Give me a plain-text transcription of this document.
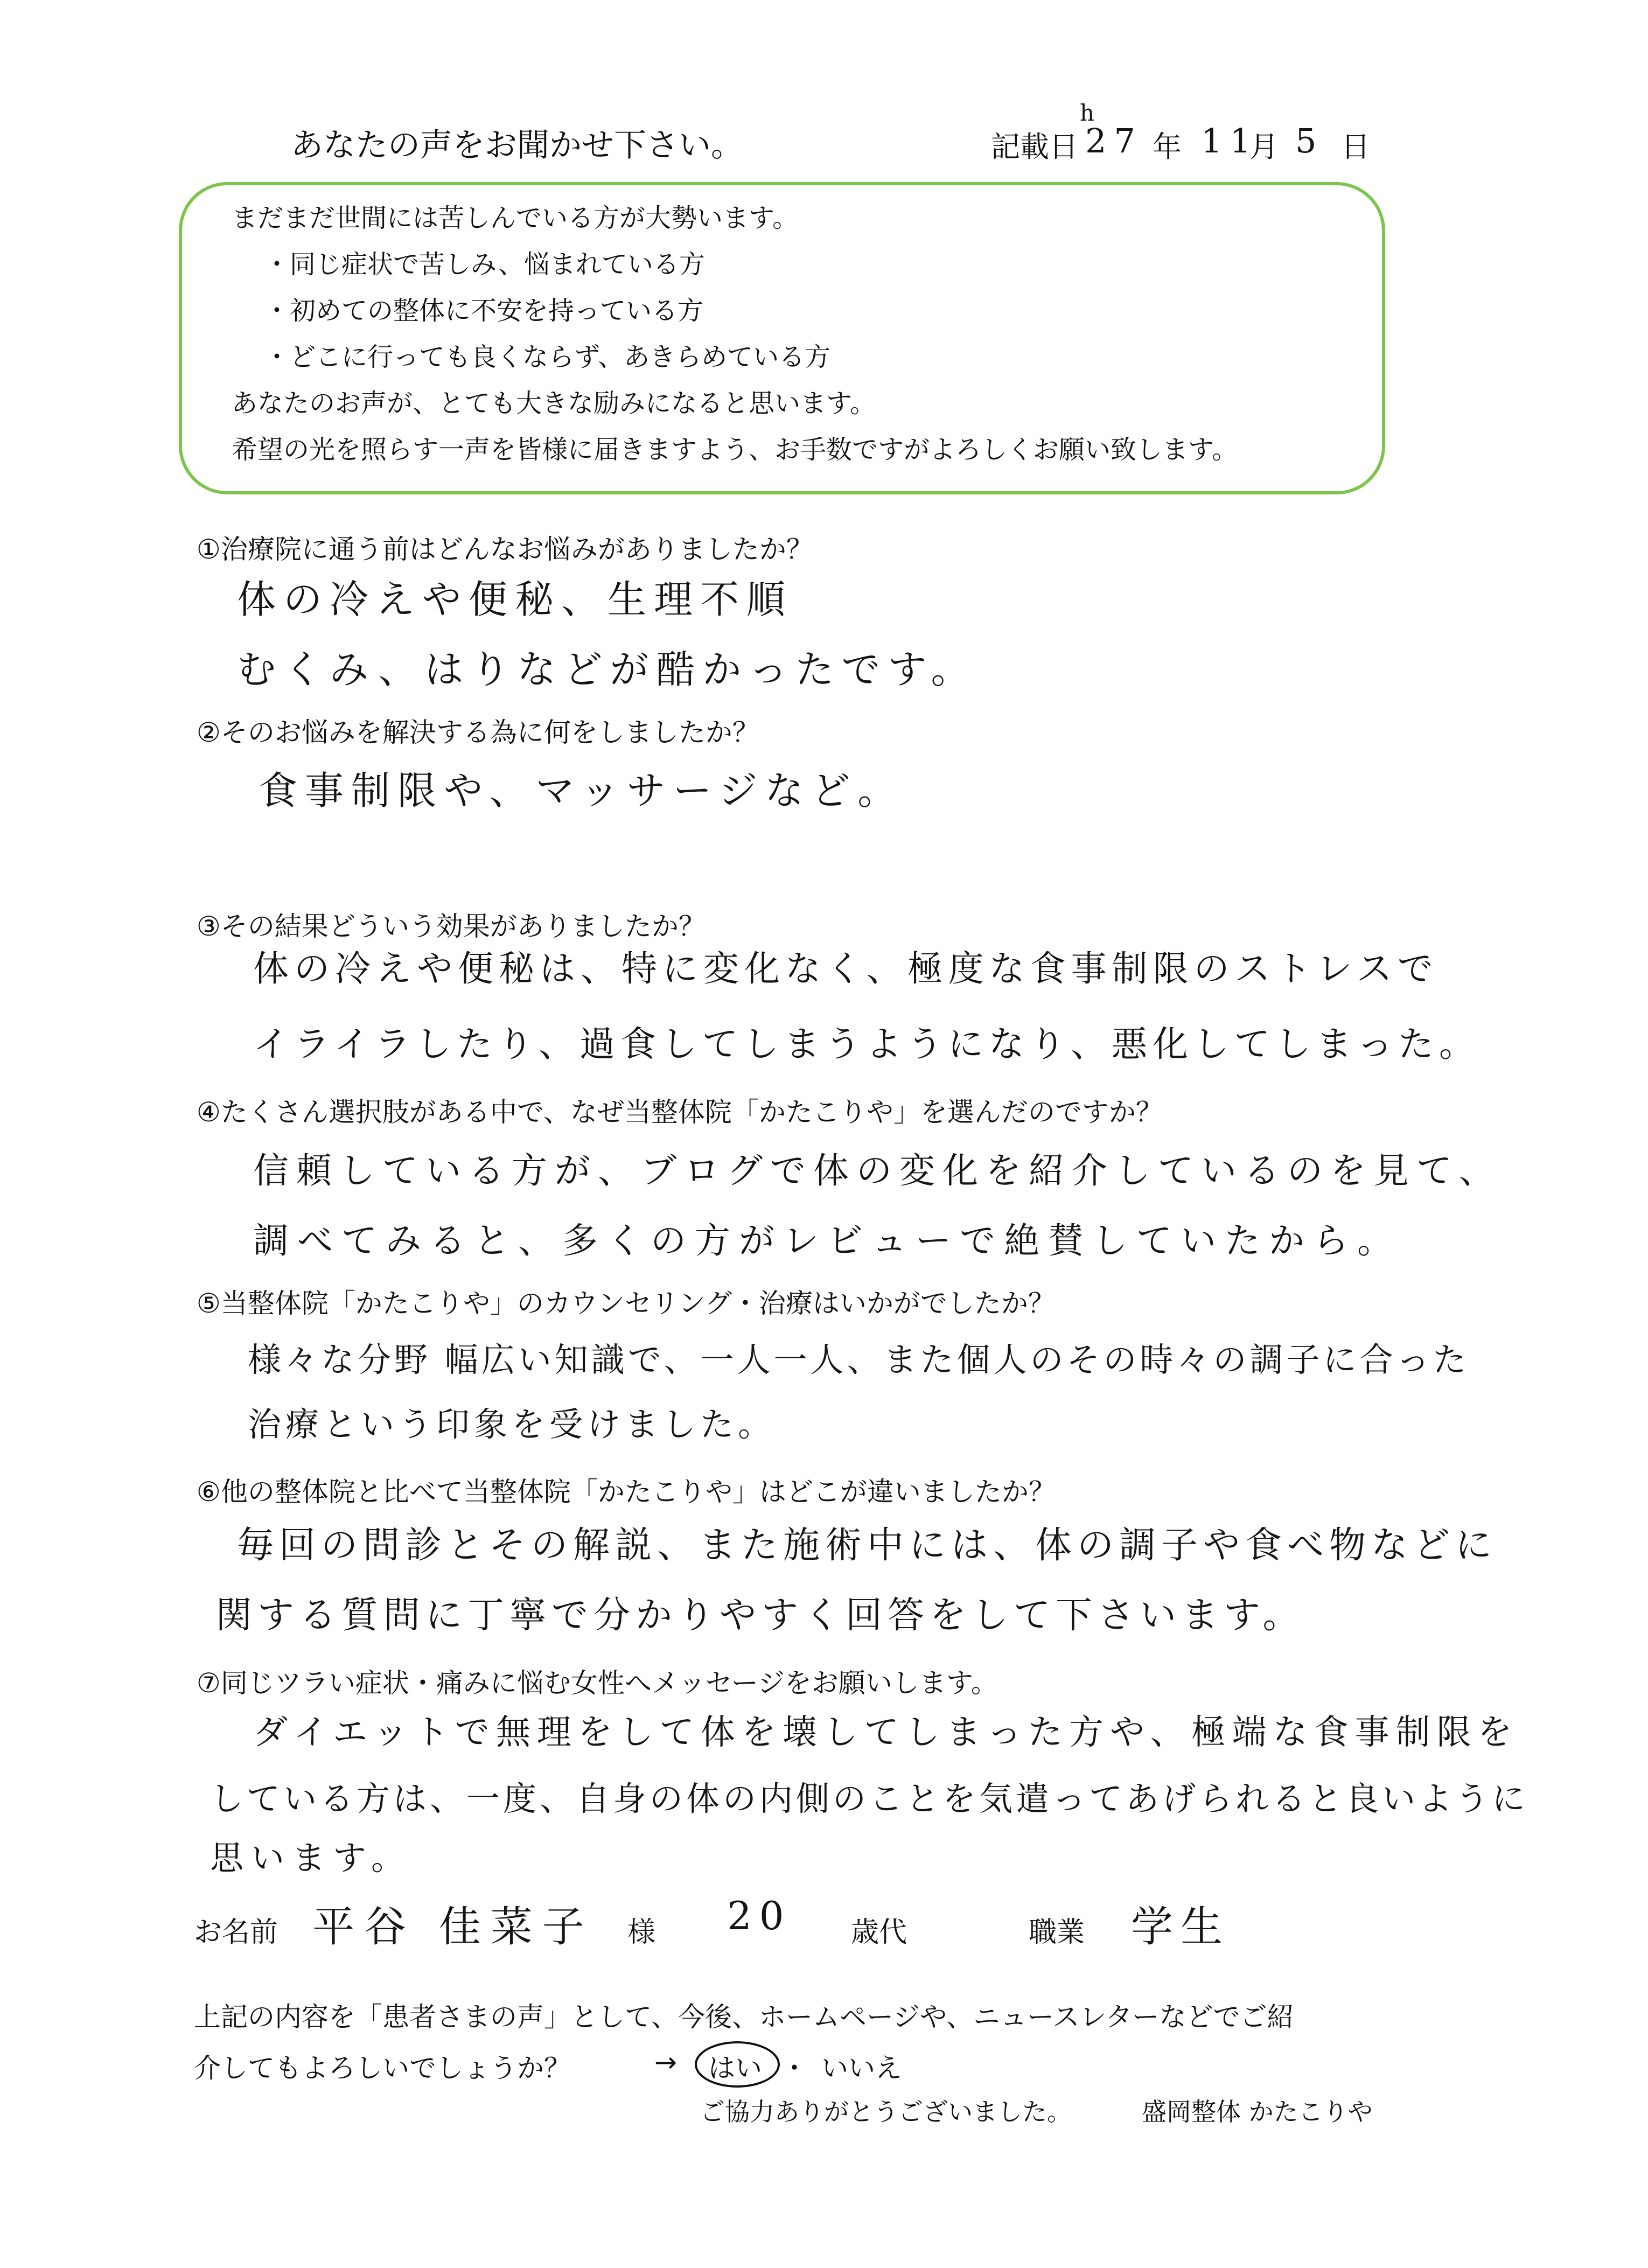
あなたの声をお聞かせ下さい。	記載日
h
27 年 11
月 5 日
まだまだ世間には苦しんでいる方が大勢います。
・同じ症状で苦しみ、悩まれている方
・初めての整体に不安を持っている方
・どこに行っても良くならず、あきらめている方
あなたのお声が、とても大きな励みになると思います。
希望の光を照らす一声を皆様に届きますよう、お手数ですがよろしくお願い致します。
①治療院に通う前はどんなお悩みがありましたか？
体の冷えや便秘、生理不順
むくみ、はりなどが酷かったです。
②そのお悩みを解決する為に何をしましたか？
食事制限や、マッサージなど。
③その結果どういう効果がありましたか？
体の冷えや便秘は、特に変化なく、極度な食事制限のストレスで
イライラしたり、過食してしまうようになり、悪化してしまった。
④たくさん選択肢がある中で、なぜ当整体院「かたこりや」を選んだのですか？
信頼している方が、ブログで体の変化を紹介しているのを見て、
調べてみると、多くの方がレビューで絶賛していたから。
⑤当整体院「かたこりや」のカウンセリング・治療はいかがでしたか？
様々な分野 幅広い知識で、一人一人、また個人のその時々の調子に合った
治療という印象を受けました。
⑥他の整体院と比べて当整体院「かたこりや」はどこが違いましたか？
毎回の問診とその解説、また施術中には、体の調子や食べ物などに
関する質問に丁寧で分かりやすく回答をして下さいます。
⑦同じツラい症状・痛みに悩む女性へメッセージをお願いします。
ダイエットで無理をして体を壊してしまった方や、極端な食事制限を
している方は、一度、自身の体の内側のことを気遣ってあげられると良いように
思います。
お名前 平谷 佳菜子 様 20 歳代	職業 学生
上記の内容を「患者さまの声」として、今後、ホームページや、ニュースレターなどでご紹
介してもよろしいでしょうか？	→ はい ・ いいえ
ご協力ありがとうございました。	盛岡整体 かたこりや
